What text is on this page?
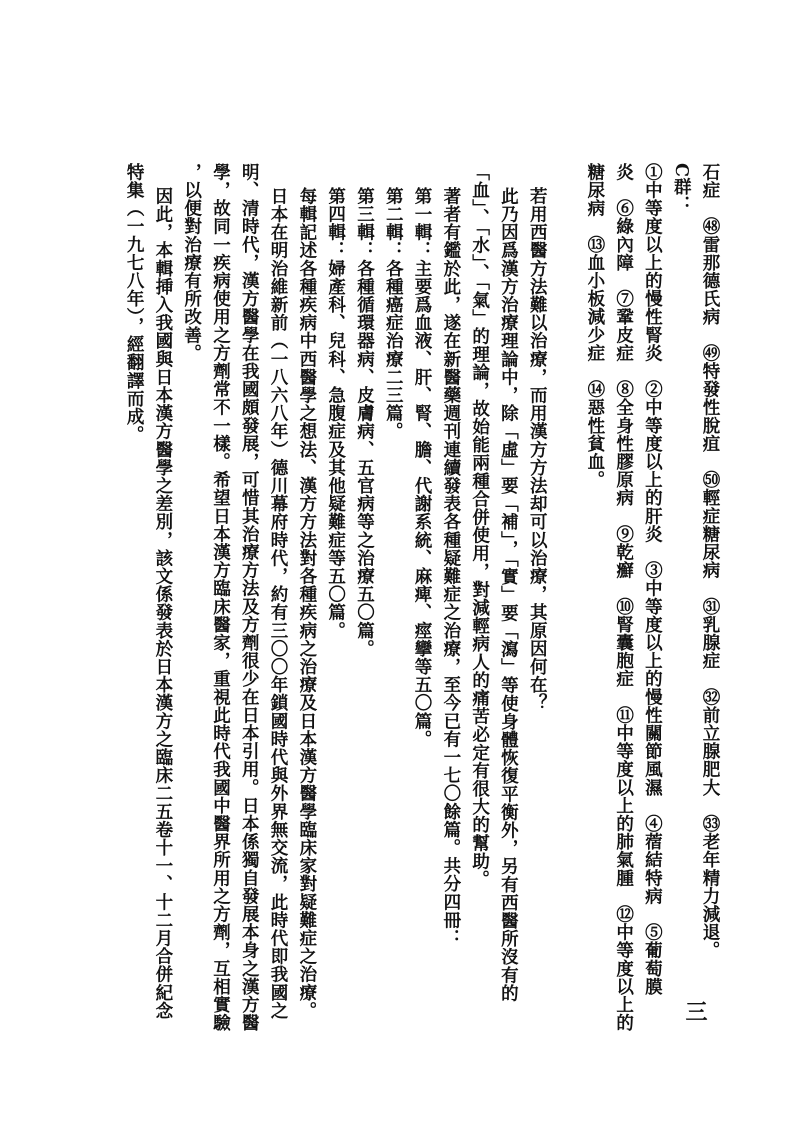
石症　㊽雷那德氏病　㊾特發性脫疽　㊿輕症糖尿病　㉛乳腺症　㉜前立腺肥大　㉝老年精力減退。
C群：
①中等度以上的慢性腎炎　②中等度以上的肝炎　③中等度以上的慢性關節風濕　④蓿結特病　⑤葡萄膜
炎　⑥綠內障　⑦鞏皮症　⑧全身性膠原病　⑨乾癬　⑩腎囊胞症　⑪中等度以上的肺氣腫　⑫中等度以上的
糖尿病　⑬血小板減少症　⑭惡性貧血。
若用西醫方法難以治療，而用漢方方法却可以治療，其原因何在？
此乃因爲漢方治療理論中，除「虛」要「補」，「實」要「瀉」等使身體恢復平衡外，另有西醫所沒有的
「血」、「水」、「氣」的理論，故始能兩種合併使用，對減輕病人的痛苦必定有很大的幫助。
著者有鑑於此，遂在新醫藥週刊連續發表各種疑難症之治療，至今已有一七〇餘篇。共分四冊：
第一輯：主要爲血液、肝、腎、膽、代謝系統、麻痺、痙攣等五〇篇。
第二輯：各種癌症治療二三篇。
第三輯：各種循環器病、皮膚病、五官病等之治療五〇篇。
第四輯：婦產科、兒科、急腹症及其他疑難症等五〇篇。
每輯記述各種疾病中西醫學之想法、漢方方法對各種疾病之治療及日本漢方醫學臨床家對疑難症之治療。
日本在明治維新前（一八六八年）德川幕府時代，約有三〇〇年鎖國時代與外界無交流，此時代即我國之
明、清時代，漢方醫學在我國頗發展，可惜其治療方法及方劑很少在日本引用。日本係獨自發展本身之漢方醫
學，故同一疾病使用之方劑常不一樣。希望日本漢方臨床醫家，重視此時代我國中醫界所用之方劑，互相實驗
，以便對治療有所改善。
因此，本輯挿入我國與日本漢方醫學之差別，該文係發表於日本漢方之臨床二五卷十一、十二月合併紀念
特集（一九七八年），經翻譯而成。
三
